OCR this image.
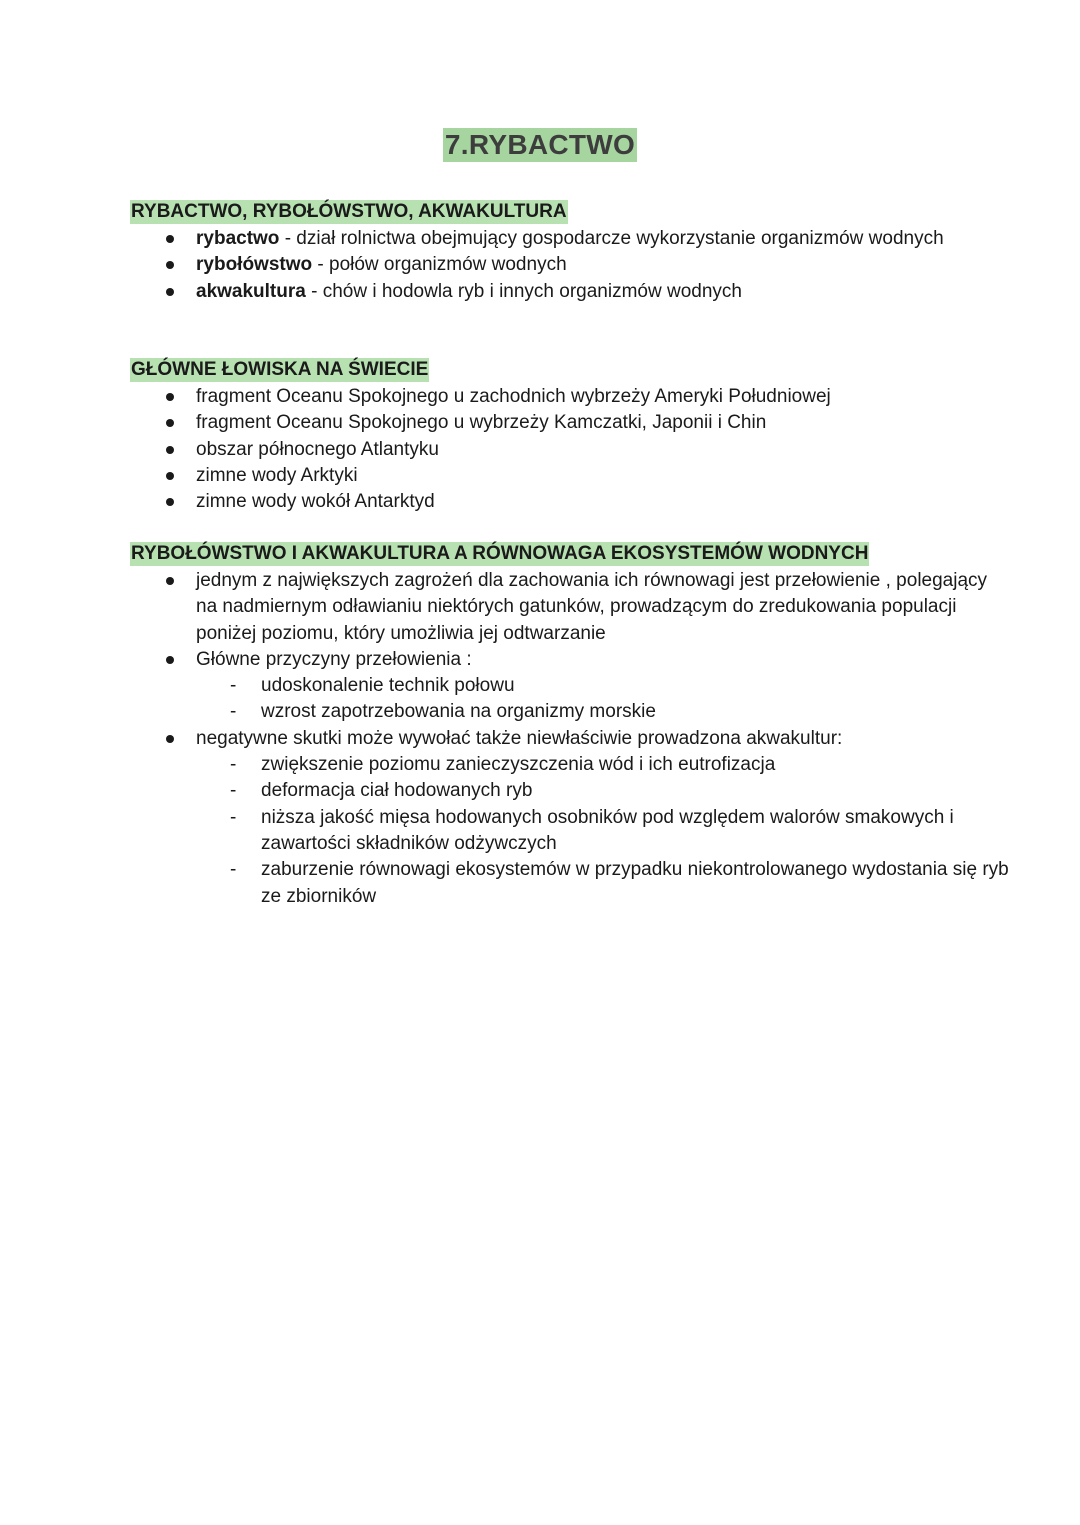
7.RYBACTWO
RYBACTWO, RYBOŁÓWSTWO, AKWAKULTURA
rybactwo - dział rolnictwa obejmujący gospodarcze wykorzystanie organizmów wodnych
rybołówstwo - połów organizmów wodnych
akwakultura - chów i hodowla ryb i innych organizmów wodnych
GŁÓWNE ŁOWISKA NA ŚWIECIE
fragment Oceanu Spokojnego u zachodnich wybrzeży Ameryki Południowej
fragment Oceanu Spokojnego u wybrzeży Kamczatki, Japonii i Chin
obszar północnego Atlantyku
zimne wody Arktyki
zimne wody wokół Antarktyd
RYBOŁÓWSTWO I AKWAKULTURA A RÓWNOWAGA EKOSYSTEMÓW WODNYCH
jednym z największych zagrożeń dla zachowania ich równowagi jest przełowienie , polegający na nadmiernym odławianiu niektórych gatunków, prowadzącym do zredukowania populacji poniżej poziomu, który umożliwia jej odtwarzanie
Główne przyczyny przełowienia :
- udoskonalenie technik połowu
- wzrost zapotrzebowania na organizmy morskie
negatywne skutki może wywołać także niewłaściwie prowadzona akwakultur:
- zwiększenie poziomu zanieczyszczenia wód i ich eutrofizacja
- deformacja ciał hodowanych ryb
- niższa jakość mięsa hodowanych osobników pod względem walorów smakowych i zawartości składników odżywczych
- zaburzenie równowagi ekosystemów w przypadku niekontrolowanego wydostania się ryb ze zbiorników
